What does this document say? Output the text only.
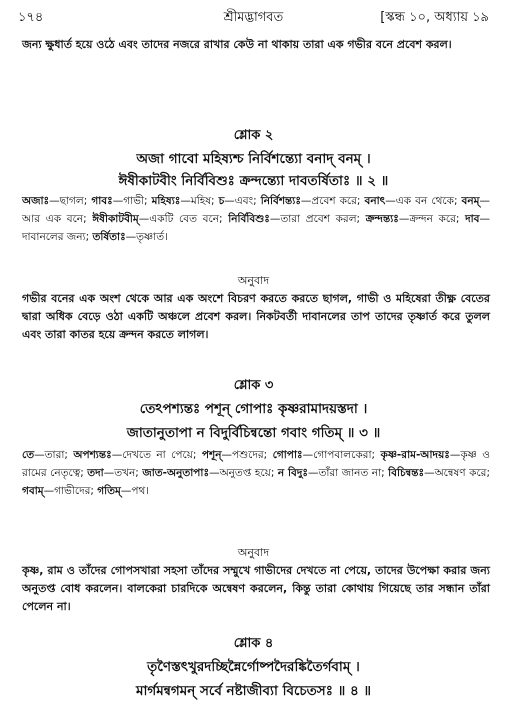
১৭৪	শ্রীমদ্ভাগবত	[স্কন্ধ ১০, অধ্যায় ১৯
জন্য ক্ষুধার্ত হয়ে ওঠে এবং তাদের নজরে রাখার কেউ না থাকায় তারা এক গভীর বনে প্রবেশ করল।
শ্লোক ২
অজা গাবো মহিষ্যশ্চ নির্বিশন্ত্যো বনাদ্ বনম্ ।
ঈষীকাটবীং নির্বিবিশুঃ ক্রন্দন্ত্যো দাবতর্ষিতাঃ ॥ ২ ॥
অজাঃ—ছাগল; গাবঃ—গাভী; মহিষ্যঃ—মহিষ; চ—এবং; নির্বিশন্ত্যঃ—প্রবেশ করে; বনাৎ—এক বন থেকে; বনম্—আর এক বনে; ঈষীকাটবীম্—একটি বেত বনে; নির্বিবিশুঃ—তারা প্রবেশ করল; ক্রন্দন্ত্যঃ—ক্রন্দন করে; দাব—দাবানলের জন্য; তর্ষিতাঃ—তৃষ্ণার্ত।
অনুবাদ
গভীর বনের এক অংশ থেকে আর এক অংশে বিচরণ করতে করতে ছাগল, গাভী ও মহিষেরা তীক্ষ্ণ বেতের দ্বারা অধিক বেড়ে ওঠা একটি অঞ্চলে প্রবেশ করল। নিকটবর্তী দাবানলের তাপ তাদের তৃষ্ণার্ত করে তুলল এবং তারা কাতর হয়ে ক্রন্দন করতে লাগল।
শ্লোক ৩
তেঽপশ্যন্তঃ পশূন্ গোপাঃ কৃষ্ণরামাদয়স্তদা ।
জাতানুতাপা ন বিদুর্বিচিন্বন্তো গবাং গতিম্ ॥ ৩ ॥
তে—তারা; অপশ্যন্তঃ—দেখতে না পেয়ে; পশূন্—পশুদের; গোপাঃ—গোপবালকেরা; কৃষ্ণ-রাম-আদয়ঃ—কৃষ্ণ ও রামের নেতৃত্বে; তদা—তখন; জাত-অনুতাপাঃ—অনুতপ্ত হয়ে; ন বিদুঃ—তাঁরা জানত না; বিচিন্বন্তঃ—অন্বেষণ করে; গবাম্—গাভীদের; গতিম্—পথ।
অনুবাদ
কৃষ্ণ, রাম ও তাঁদের গোপসখারা সহসা তাঁদের সম্মুখে গাভীদের দেখতে না পেয়ে, তাদের উপেক্ষা করার জন্য অনুতপ্ত বোধ করলেন। বালকেরা চারদিকে অন্বেষণ করলেন, কিন্তু তারা কোথায় গিয়েছে তার সন্ধান তাঁরা পেলেন না।
শ্লোক ৪
তৃণৈস্তৎখুরদচ্ছিন্নৈর্গোষ্পদৈরঙ্কিতৈর্গবাম্ ।
মার্গমন্বগমন্ সর্বে নষ্টাজীব্যা বিচেতসঃ ॥ ৪ ॥
